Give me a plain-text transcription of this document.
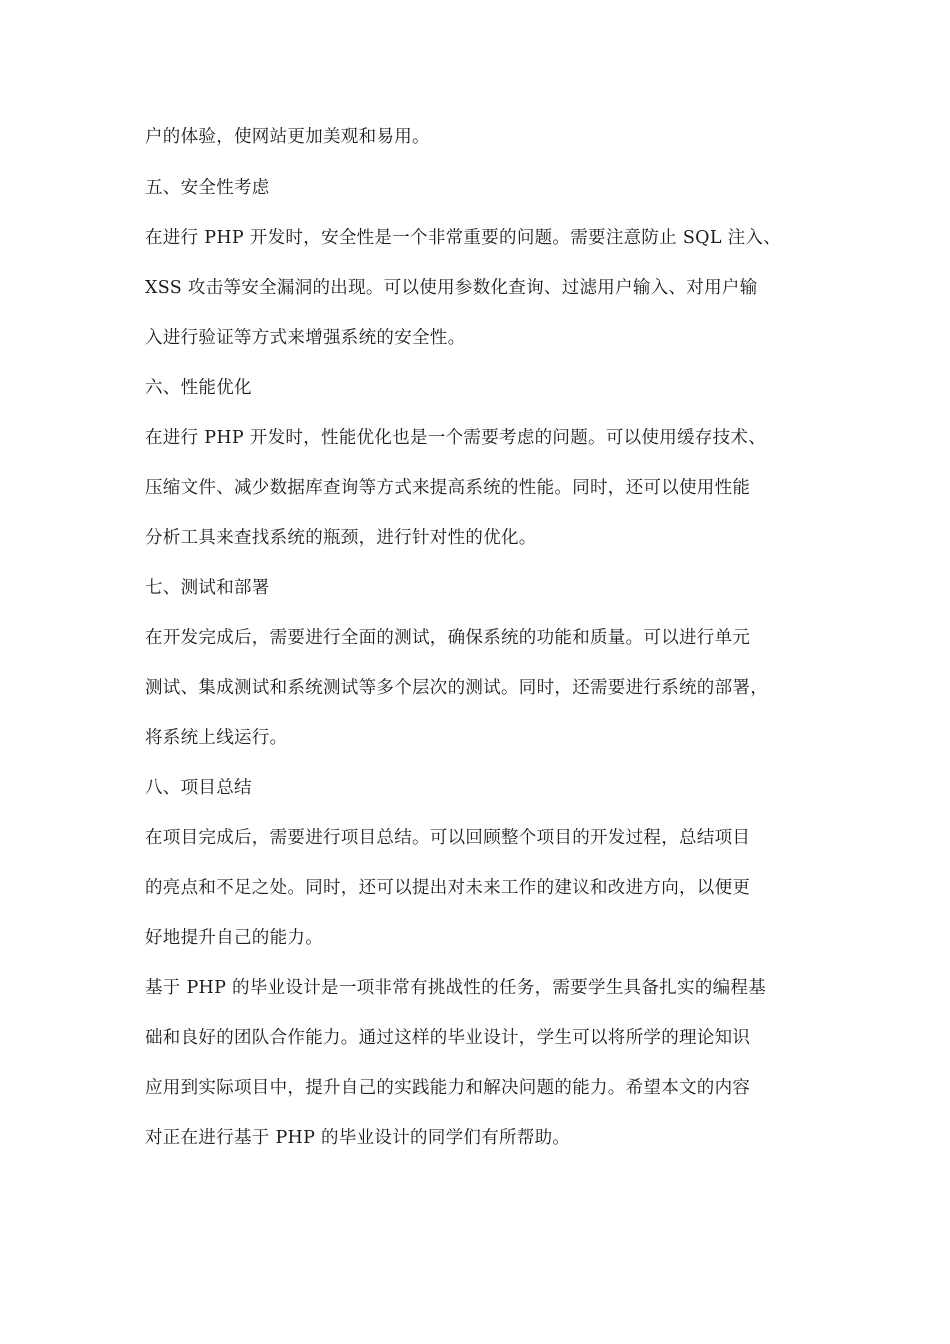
户的体验，使网站更加美观和易用。
五、安全性考虑
在进行 PHP 开发时，安全性是一个非常重要的问题。需要注意防止 SQL 注入、
XSS 攻击等安全漏洞的出现。可以使用参数化查询、过滤用户输入、对用户输
入进行验证等方式来增强系统的安全性。
六、性能优化
在进行 PHP 开发时，性能优化也是一个需要考虑的问题。可以使用缓存技术、
压缩文件、减少数据库查询等方式来提高系统的性能。同时，还可以使用性能
分析工具来查找系统的瓶颈，进行针对性的优化。
七、测试和部署
在开发完成后，需要进行全面的测试，确保系统的功能和质量。可以进行单元
测试、集成测试和系统测试等多个层次的测试。同时，还需要进行系统的部署，
将系统上线运行。
八、项目总结
在项目完成后，需要进行项目总结。可以回顾整个项目的开发过程，总结项目
的亮点和不足之处。同时，还可以提出对未来工作的建议和改进方向，以便更
好地提升自己的能力。
基于 PHP 的毕业设计是一项非常有挑战性的任务，需要学生具备扎实的编程基
础和良好的团队合作能力。通过这样的毕业设计，学生可以将所学的理论知识
应用到实际项目中，提升自己的实践能力和解决问题的能力。希望本文的内容
对正在进行基于 PHP 的毕业设计的同学们有所帮助。
